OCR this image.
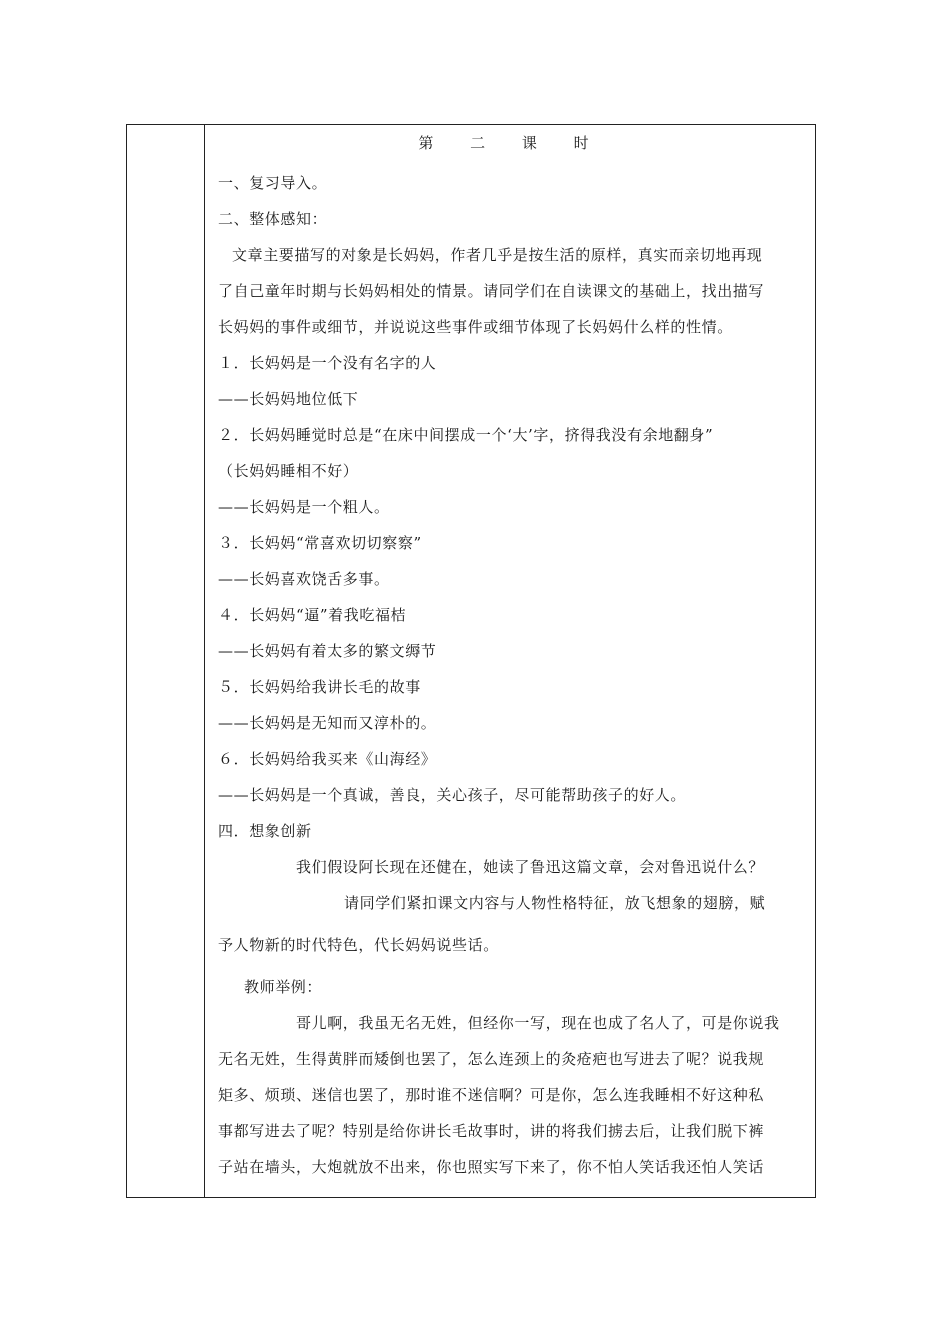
第 二 课 时
一、复习导入。
二、整体感知：
文章主要描写的对象是长妈妈，作者几乎是按生活的原样，真实而亲切地再现
了自己童年时期与长妈妈相处的情景。请同学们在自读课文的基础上，找出描写
长妈妈的事件或细节，并说说这些事件或细节体现了长妈妈什么样的性情。
１．长妈妈是一个没有名字的人
——长妈妈地位低下
２．长妈妈睡觉时总是“在床中间摆成一个‘大’字，挤得我没有余地翻身”
（长妈妈睡相不好）
——长妈妈是一个粗人。
３．长妈妈“常喜欢切切察察”
——长妈喜欢饶舌多事。
４．长妈妈“逼”着我吃福桔
——长妈妈有着太多的繁文缛节
５．长妈妈给我讲长毛的故事
——长妈妈是无知而又淳朴的。
６．长妈妈给我买来《山海经》
——长妈妈是一个真诚，善良，关心孩子，尽可能帮助孩子的好人。
四．想象创新
我们假设阿长现在还健在，她读了鲁迅这篇文章，会对鲁迅说什么？
请同学们紧扣课文内容与人物性格特征，放飞想象的翅膀，赋
予人物新的时代特色，代长妈妈说些话。
教师举例：
哥儿啊，我虽无名无姓，但经你一写，现在也成了名人了，可是你说我
无名无姓，生得黄胖而矮倒也罢了，怎么连颈上的灸疮疤也写进去了呢？说我规
矩多、烦琐、迷信也罢了，那时谁不迷信啊？可是你，怎么连我睡相不好这种私
事都写进去了呢？特别是给你讲长毛故事时，讲的将我们掳去后，让我们脱下裤
子站在墙头，大炮就放不出来，你也照实写下来了，你不怕人笑话我还怕人笑话
